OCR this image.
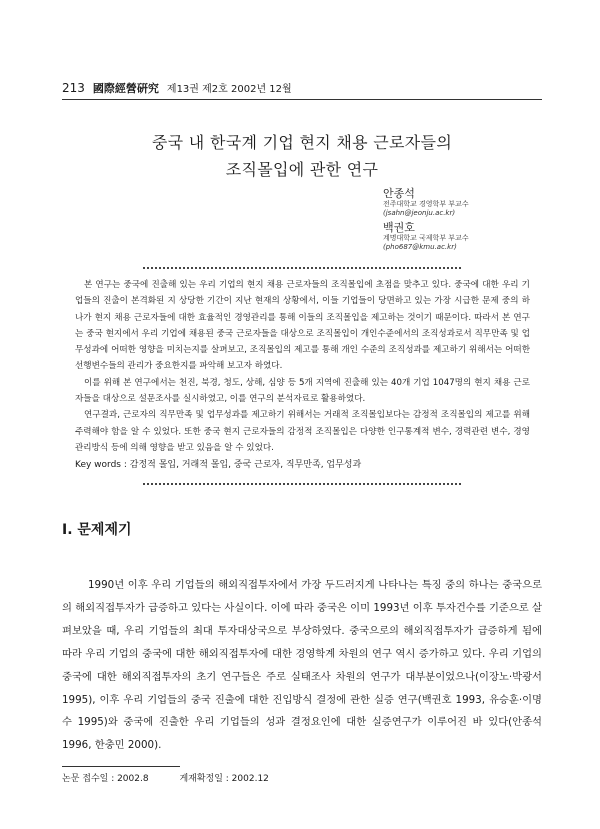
213 國際經營硏究 제13권 제2호 2002년 12월
중국 내 한국계 기업 현지 채용 근로자들의
조직몰입에 관한 연구
안종석
전주대학교 경영학부 부교수
(jsahn@jeonju.ac.kr)
백권호
계명대학교 국제학부 부교수
(pho687@kmu.ac.kr)

본 연구는 중국에 진출해 있는 우리 기업의 현지 채용 근로자들의 조직몰입에 초점을 맞추고 있다. 중국에 대한 우리 기업들의 진출이 본격화된 지 상당한 기간이 지난 현재의 상황에서, 이들 기업들이 당면하고 있는 가장 시급한 문제 중의 하나가 현지 채용 근로자들에 대한 효율적인 경영관리를 통해 이들의 조직몰입을 제고하는 것이기 때문이다. 따라서 본 연구는 중국 현지에서 우리 기업에 채용된 중국 근로자들을 대상으로 조직몰입이 개인수준에서의 조직성과로서 직무만족 및 업무성과에 어떠한 영향을 미치는지를 살펴보고, 조직몰입의 제고를 통해 개인 수준의 조직성과를 제고하기 위해서는 어떠한 선행변수들의 관리가 중요한지를 파악해 보고자 하였다.

이를 위해 본 연구에서는 천진, 북경, 청도, 상해, 심양 등 5개 지역에 진출해 있는 40개 기업 1047명의 현지 채용 근로자들을 대상으로 설문조사를 실시하였고, 이를 연구의 분석자료로 활용하였다.

연구결과, 근로자의 직무만족 및 업무성과를 제고하기 위해서는 거래적 조직몰입보다는 감정적 조직몰입의 제고를 위해 주력해야 함을 알 수 있었다. 또한 중국 현지 근로자들의 감정적 조직몰입은 다양한 인구통계적 변수, 경력관련 변수, 경영관리방식 등에 의해 영향을 받고 있음을 알 수 있었다.

Key words : 감정적 몰입, 거래적 몰입, 중국 근로자, 직무만족, 업무성과
Ⅰ. 문제제기

1990년 이후 우리 기업들의 해외직접투자에서 가장 두드러지게 나타나는 특징 중의 하나는 중국으로의 해외직접투자가 급증하고 있다는 사실이다. 이에 따라 중국은 이미 1993년 이후 투자건수를 기준으로 살펴보았을 때, 우리 기업들의 최대 투자대상국으로 부상하였다. 중국으로의 해외직접투자가 급증하게 됨에 따라 우리 기업의 중국에 대한 해외직접투자에 대한 경영학계 차원의 연구 역시 증가하고 있다. 우리 기업의 중국에 대한 해외직접투자의 초기 연구들은 주로 실태조사 차원의 연구가 대부분이었으나(이장노·박광서 1995), 이후 우리 기업들의 중국 진출에 대한 진입방식 결정에 관한 실증 연구(백권호 1993, 유승훈·이명수 1995)와 중국에 진출한 우리 기업들의 성과 결정요인에 대한 실증연구가 이루어진 바 있다(안종석 1996, 한충민 2000).

논문 접수일 : 2002.8	게재확정일 : 2002.12
